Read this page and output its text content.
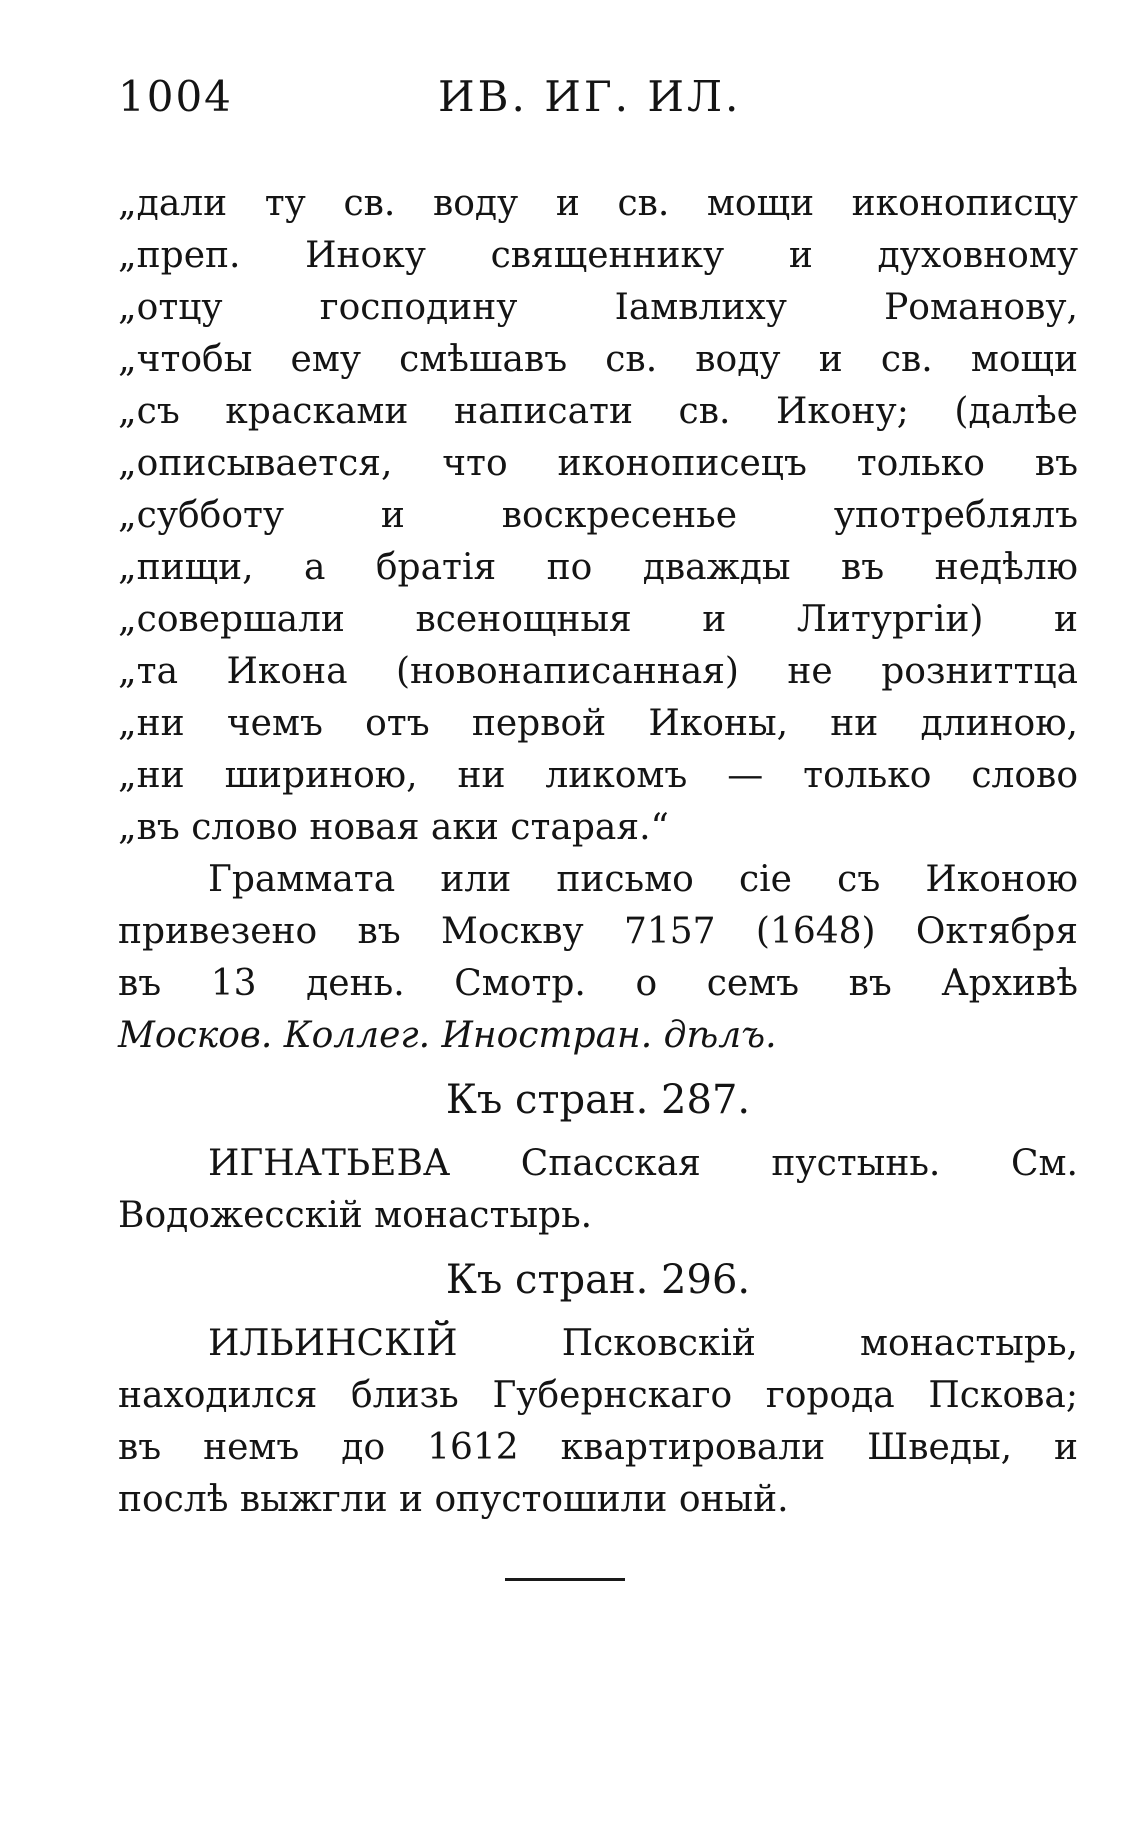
1004	ИВ. ИГ. ИЛ.
„дали ту св. воду и св. мощи иконописцу
„преп. Иноку священнику и духовному
„отцу господину Iамвлиху Романову,
„чтобы ему смѣшавъ св. воду и св. мощи
„съ красками написати св. Икону; (далѣе
„описывается, что иконописецъ только въ
„субботу и воскресенье употреблялъ
„пищи, а братiя по дважды въ недѣлю
„совершали всенощныя и Литургiи) и
„та Икона (новонаписанная) не розниттца
„ни чемъ отъ первой Иконы, ни длиною,
„ни шириною, ни ликомъ — только слово
„въ слово новая аки старая.“
Грамматa или письмо сiе съ Иконою
привезено въ Москву 7157 (1648) Октября
въ 13 день. Смотр. о семъ въ Архивѣ
Москов. Коллег. Иностран. дѣлъ.
Къ стран. 287.
ИГНАТЬЕВА Спасская пустынь. См.
Водожесскiй монастырь.
Къ стран. 296.
ИЛЬИНСКIЙ Псковскiй монастырь,
находился близь Губернскаго города Пскова;
въ немъ до 1612 квартировали Шведы, и
послѣ выжгли и опустошили оный.
